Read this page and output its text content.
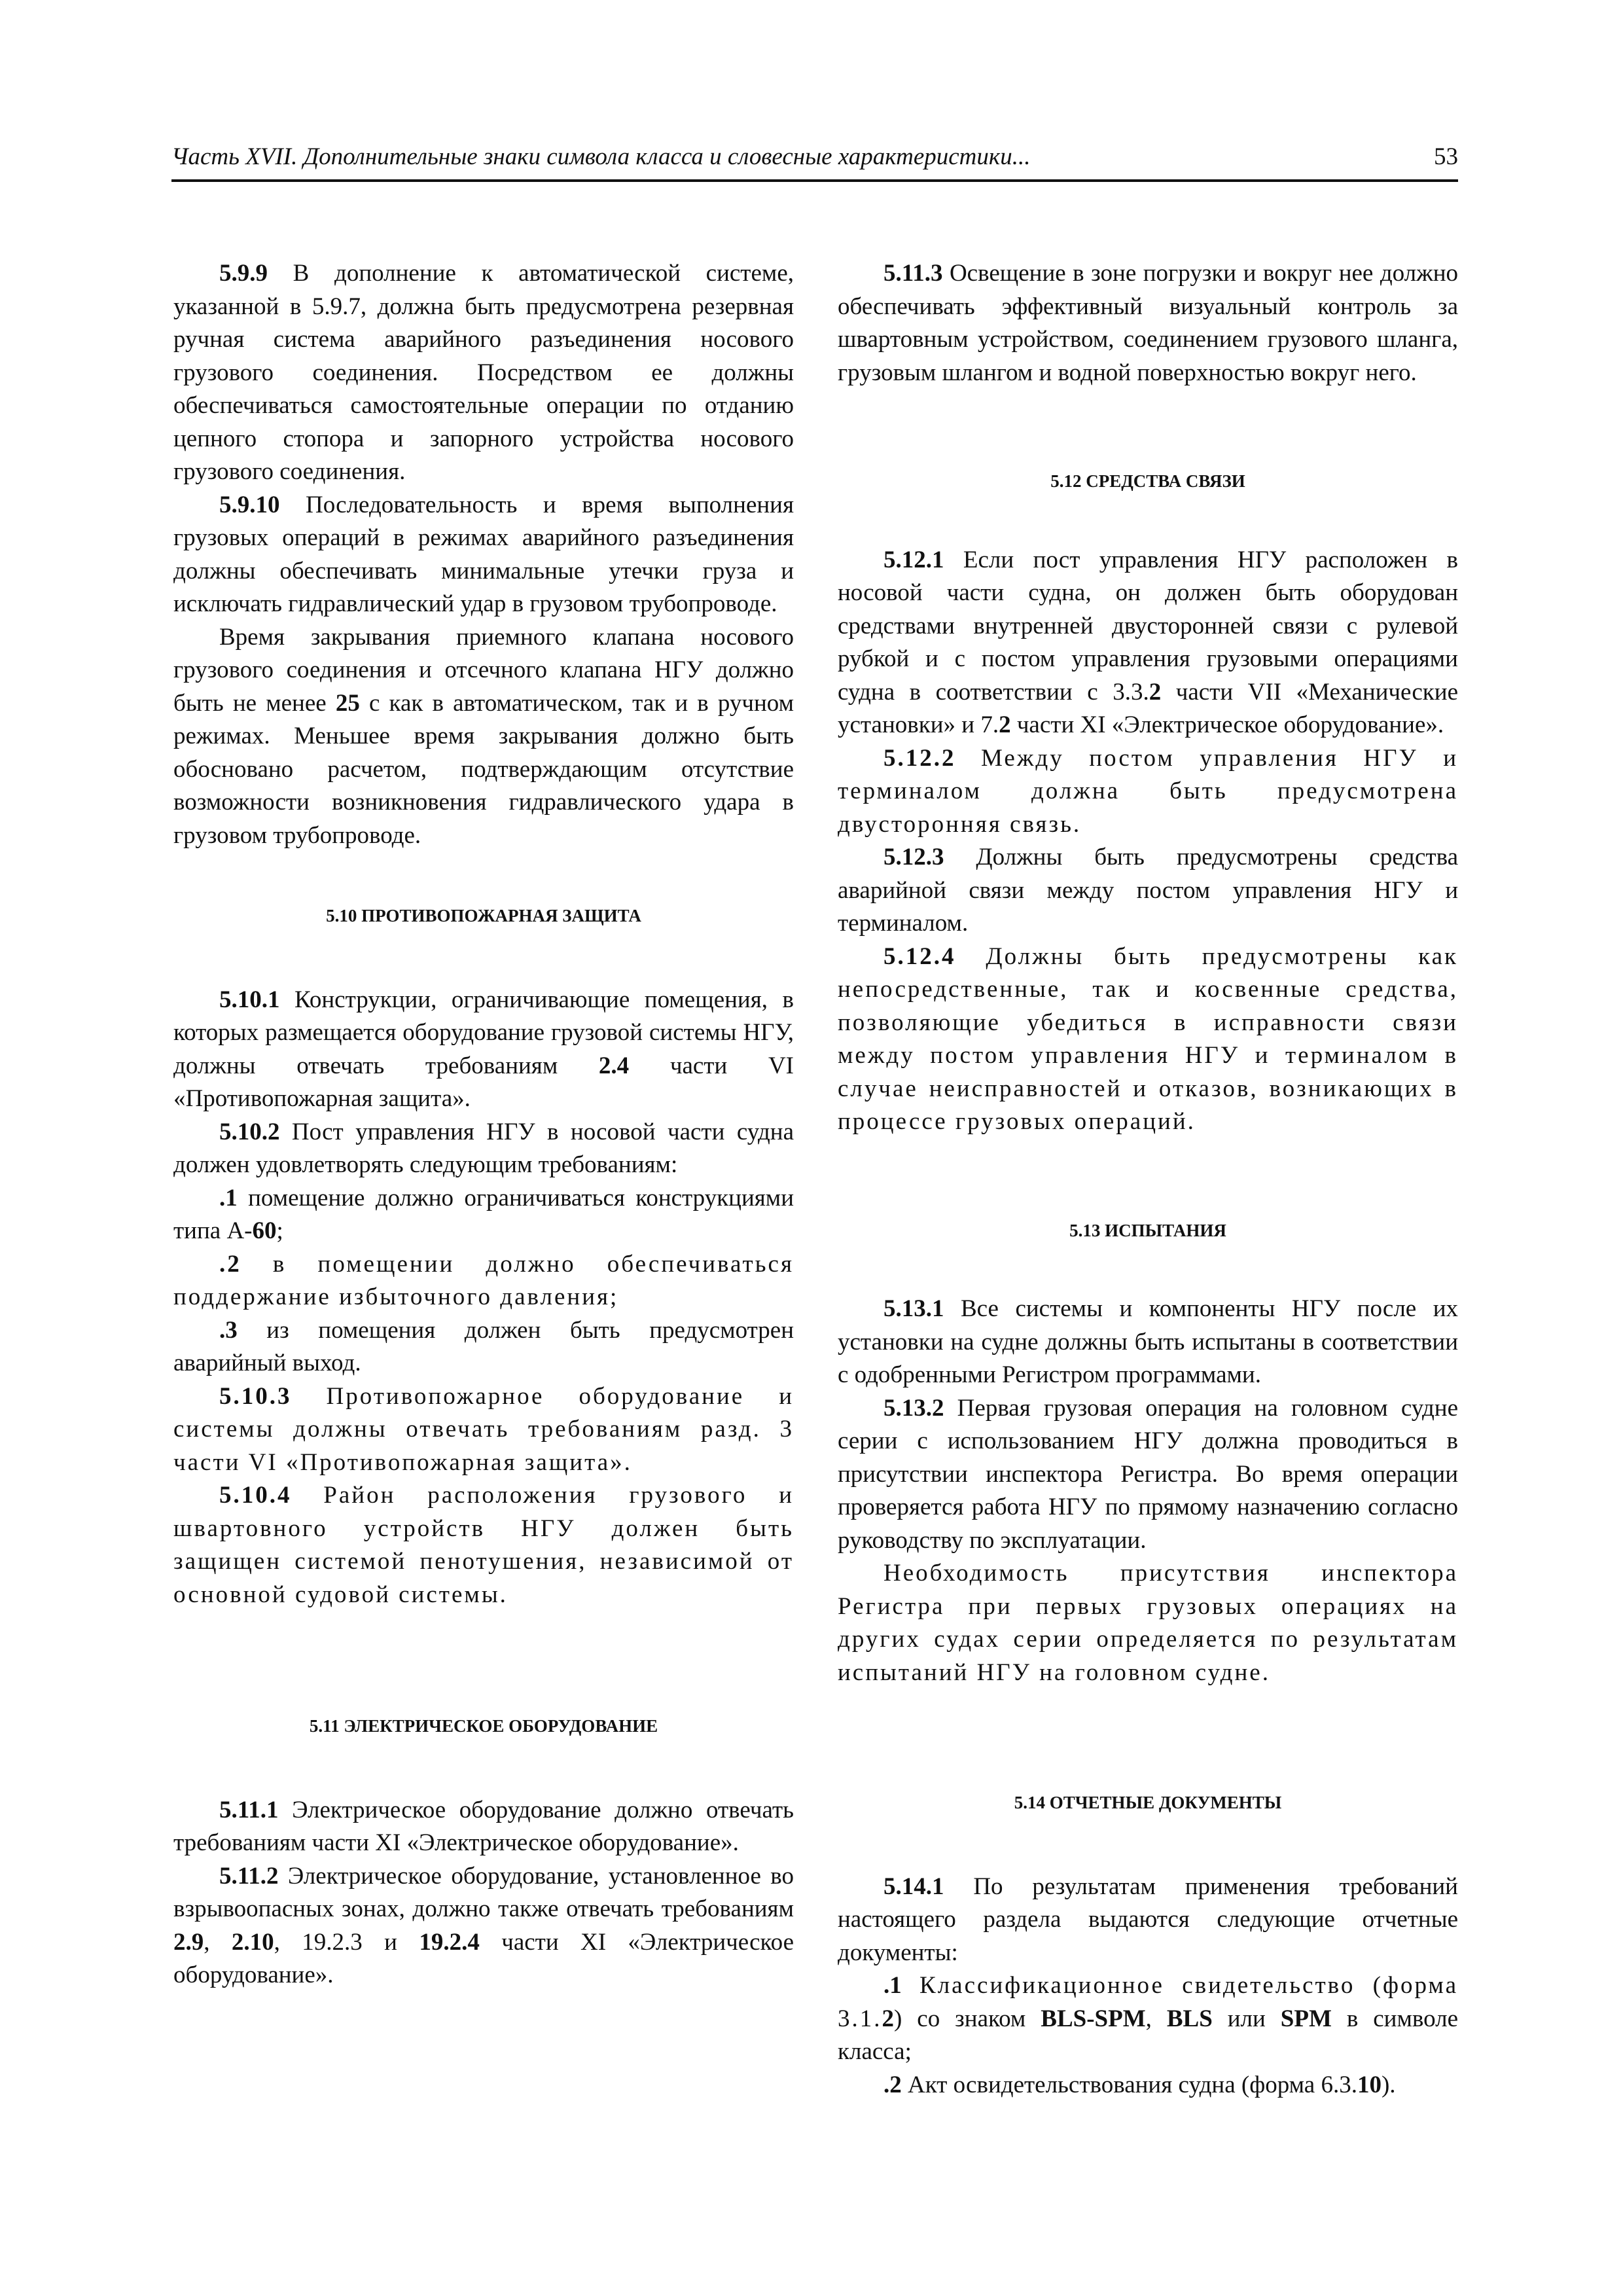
Часть XVII. Дополнительные знаки символа класса и словесные характеристики...	53

5.9.9 В дополнение к автоматической системе, указанной в 5.9.7, должна быть предусмотрена резервная ручная система аварийного разъединения носового грузового соединения. Посредством ее должны обеспечиваться самостоятельные операции по отданию цепного стопора и запорного устройства носового грузового соединения.

5.9.10 Последовательность и время выполнения грузовых операций в режимах аварийного разъединения должны обеспечивать минимальные утечки груза и исключать гидравлический удар в грузовом трубопроводе.

Время закрывания приемного клапана носового грузового соединения и отсечного клапана НГУ должно быть не менее 25 с как в автоматическом, так и в ручном режимах. Меньшее время закрывания должно быть обосновано расчетом, подтверждающим отсутствие возможности возникновения гидравлического удара в грузовом трубопроводе.

5.10 ПРОТИВОПОЖАРНАЯ ЗАЩИТА

5.10.1 Конструкции, ограничивающие помещения, в которых размещается оборудование грузовой системы НГУ, должны отвечать требованиям 2.4 части VI «Противопожарная защита».

5.10.2 Пост управления НГУ в носовой части судна должен удовлетворять следующим требованиям:

.1 помещение должно ограничиваться конструкциями типа А-60;

.2 в помещении должно обеспечиваться поддержание избыточного давления;

.3 из помещения должен быть предусмотрен аварийный выход.

5.10.3 Противопожарное оборудование и системы должны отвечать требованиям разд. 3 части VI «Противопожарная защита».

5.10.4 Район расположения грузового и швартовного устройств НГУ должен быть защищен системой пенотушения, независимой от основной судовой системы.

5.11 ЭЛЕКТРИЧЕСКОЕ ОБОРУДОВАНИЕ

5.11.1 Электрическое оборудование должно отвечать требованиям части XI «Электрическое оборудование».

5.11.2 Электрическое оборудование, установленное во взрывоопасных зонах, должно также отвечать требованиям 2.9, 2.10, 19.2.3 и 19.2.4 части XI «Электрическое оборудование».

5.11.3 Освещение в зоне погрузки и вокруг нее должно обеспечивать эффективный визуальный контроль за швартовным устройством, соединением грузового шланга, грузовым шлангом и водной поверхностью вокруг него.

5.12 СРЕДСТВА СВЯЗИ

5.12.1 Если пост управления НГУ расположен в носовой части судна, он должен быть оборудован средствами внутренней двусторонней связи с рулевой рубкой и с постом управления грузовыми операциями судна в соответствии с 3.3.2 части VII «Механические установки» и 7.2 части XI «Электрическое оборудование».

5.12.2 Между постом управления НГУ и терминалом должна быть предусмотрена двусторонняя связь.

5.12.3 Должны быть предусмотрены средства аварийной связи между постом управления НГУ и терминалом.

5.12.4 Должны быть предусмотрены как непосредственные, так и косвенные средства, позволяющие убедиться в исправности связи между постом управления НГУ и терминалом в случае неисправностей и отказов, возникающих в процессе грузовых операций.

5.13 ИСПЫТАНИЯ

5.13.1 Все системы и компоненты НГУ после их установки на судне должны быть испытаны в соответствии с одобренными Регистром программами.

5.13.2 Первая грузовая операция на головном судне серии с использованием НГУ должна проводиться в присутствии инспектора Регистра. Во время операции проверяется работа НГУ по прямому назначению согласно руководству по эксплуатации.

Необходимость присутствия инспектора Регистра при первых грузовых операциях на других судах серии определяется по результатам испытаний НГУ на головном судне.

5.14 ОТЧЕТНЫЕ ДОКУМЕНТЫ

5.14.1 По результатам применения требований настоящего раздела выдаются следующие отчетные документы:

.1 Классификационное свидетельство (форма 3.1.2) со знаком BLS-SPM, BLS или SPM в символе класса;

.2 Акт освидетельствования судна (форма 6.3.10).
